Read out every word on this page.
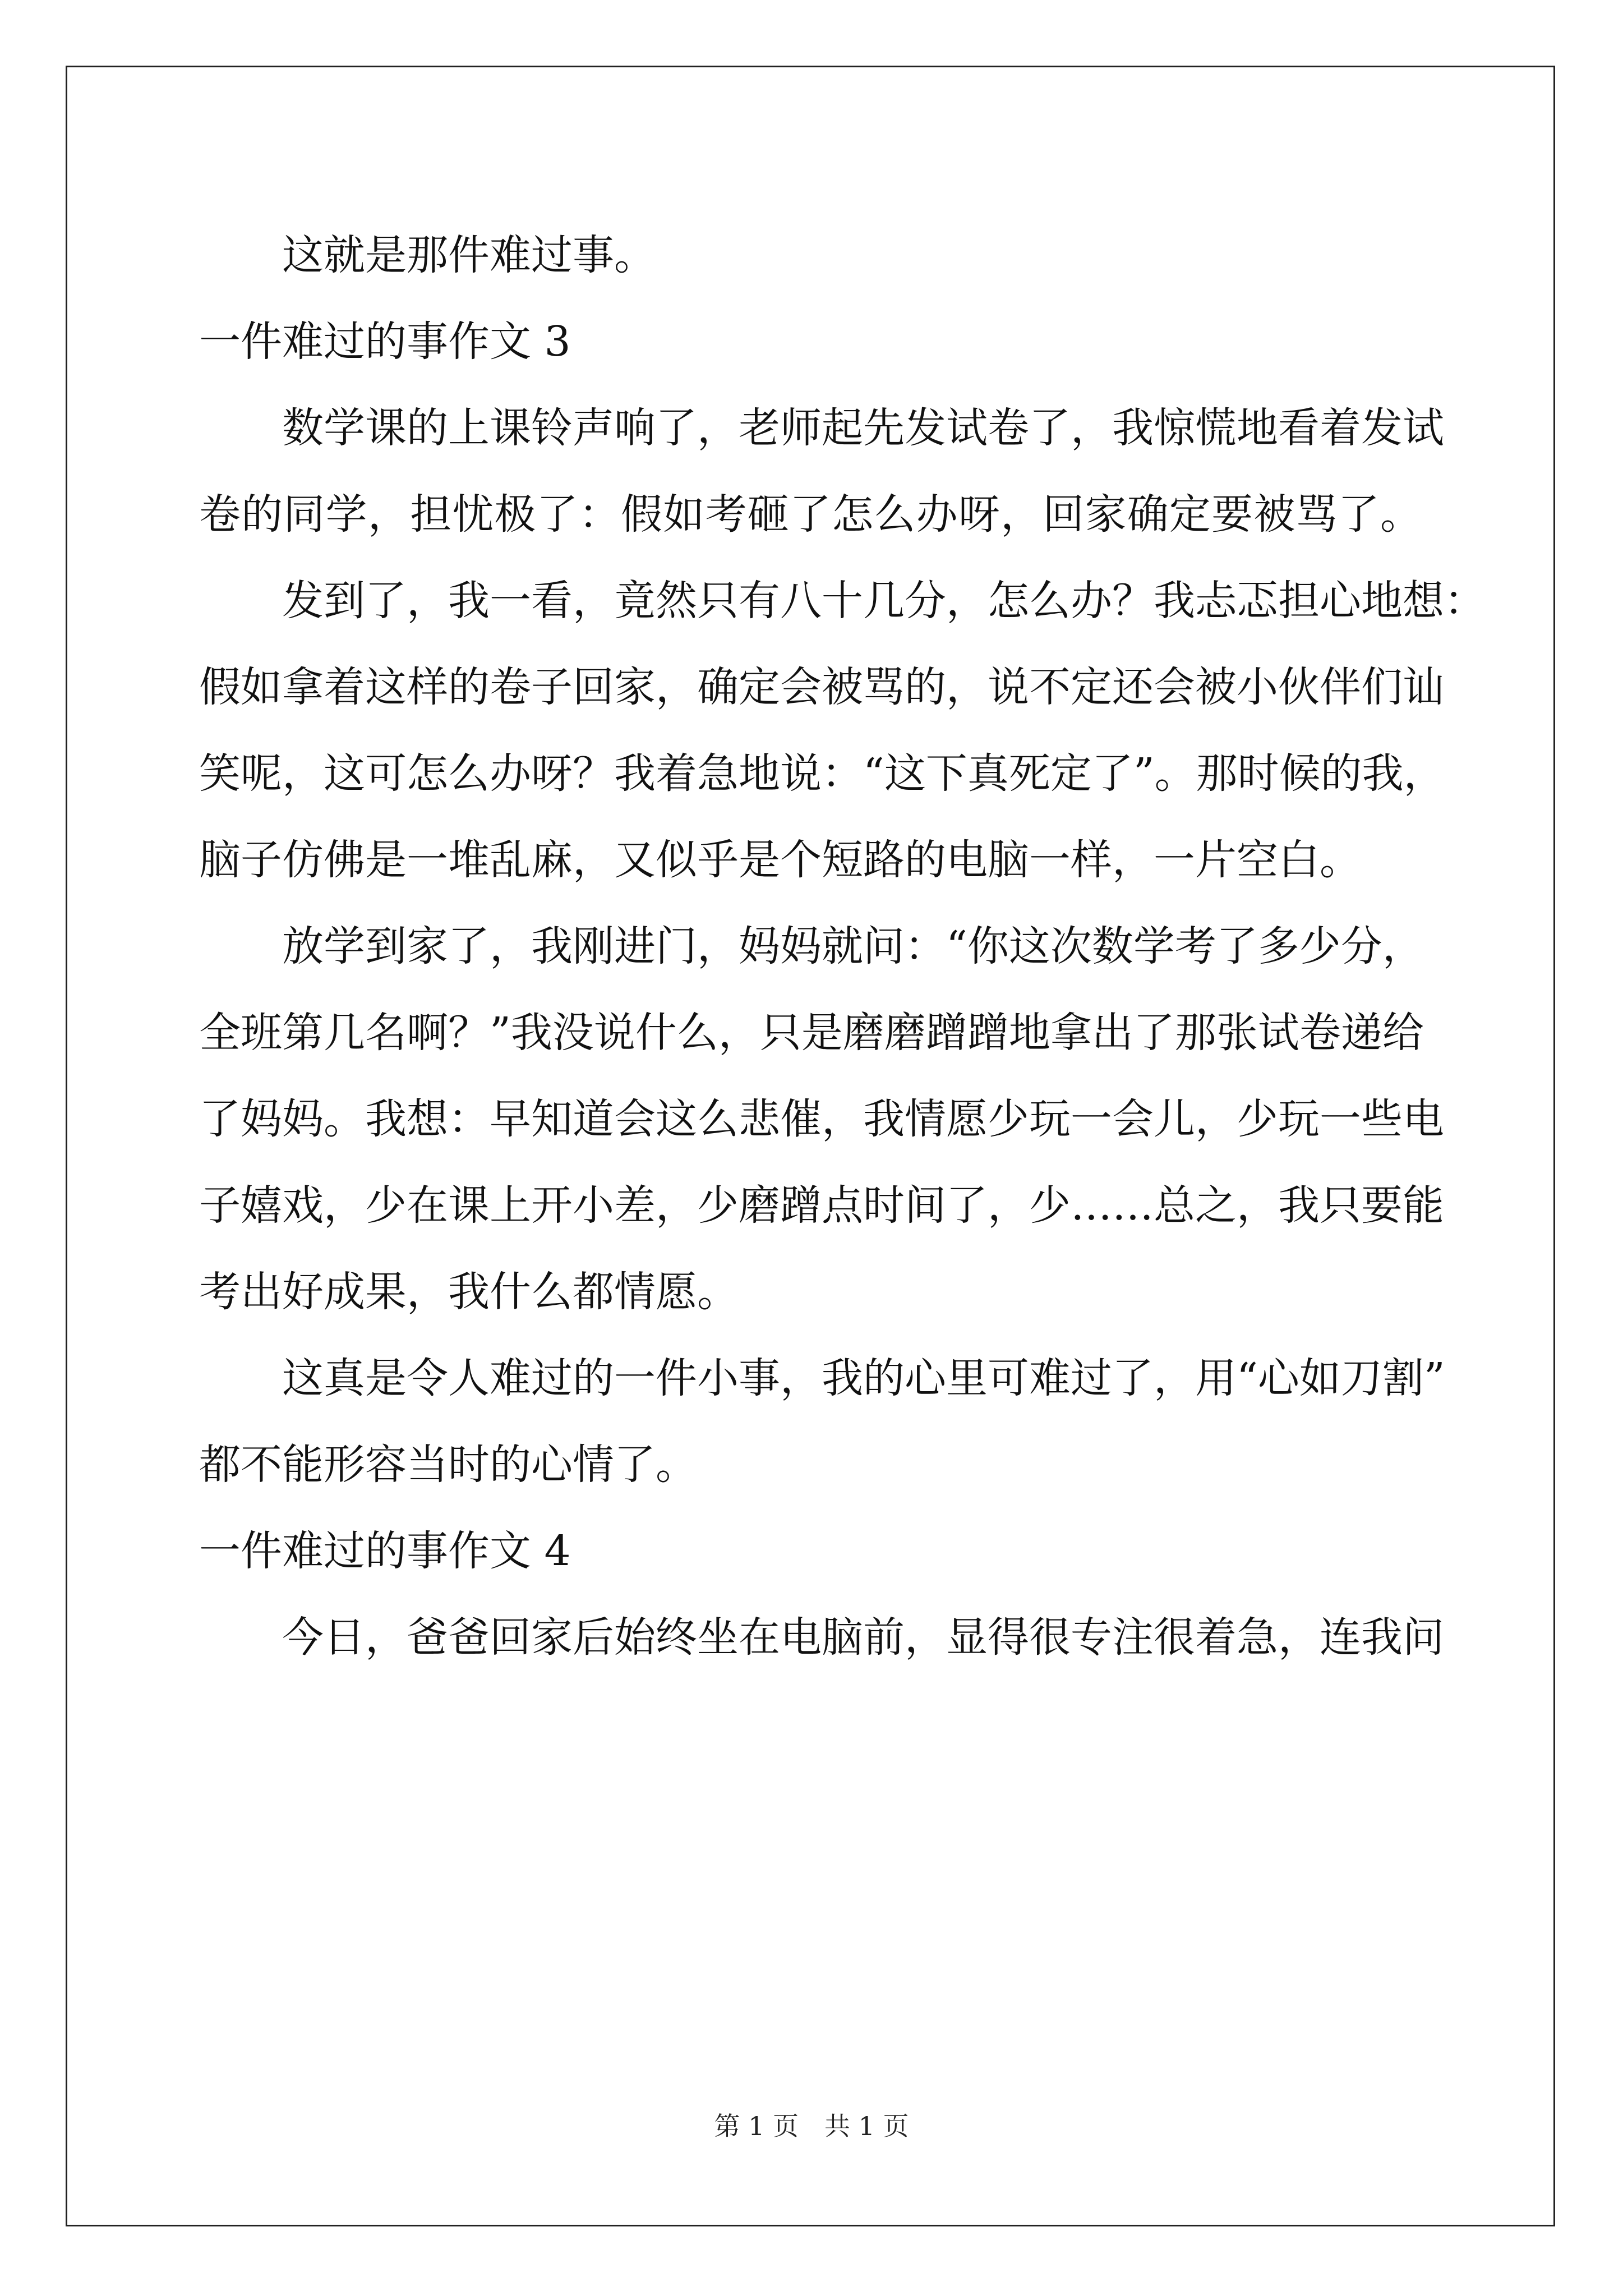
这就是那件难过事。
一件难过的事作文 3
数学课的上课铃声响了，老师起先发试卷了，我惊慌地看着发试
卷的同学，担忧极了：假如考砸了怎么办呀，回家确定要被骂了。
发到了，我一看，竟然只有八十几分，怎么办？我忐忑担心地想：
假如拿着这样的卷子回家，确定会被骂的，说不定还会被小伙伴们讪
笑呢，这可怎么办呀？我着急地说：“这下真死定了”。那时候的我，
脑子仿佛是一堆乱麻，又似乎是个短路的电脑一样，一片空白。
放学到家了，我刚进门，妈妈就问：“你这次数学考了多少分，
全班第几名啊？”我没说什么，只是磨磨蹭蹭地拿出了那张试卷递给
了妈妈。我想：早知道会这么悲催，我情愿少玩一会儿，少玩一些电
子嬉戏，少在课上开小差，少磨蹭点时间了，少……总之，我只要能
考出好成果，我什么都情愿。
这真是令人难过的一件小事，我的心里可难过了，用“心如刀割”
都不能形容当时的心情了。
一件难过的事作文 4
今日，爸爸回家后始终坐在电脑前，显得很专注很着急，连我问
第 1 页 共 1 页
